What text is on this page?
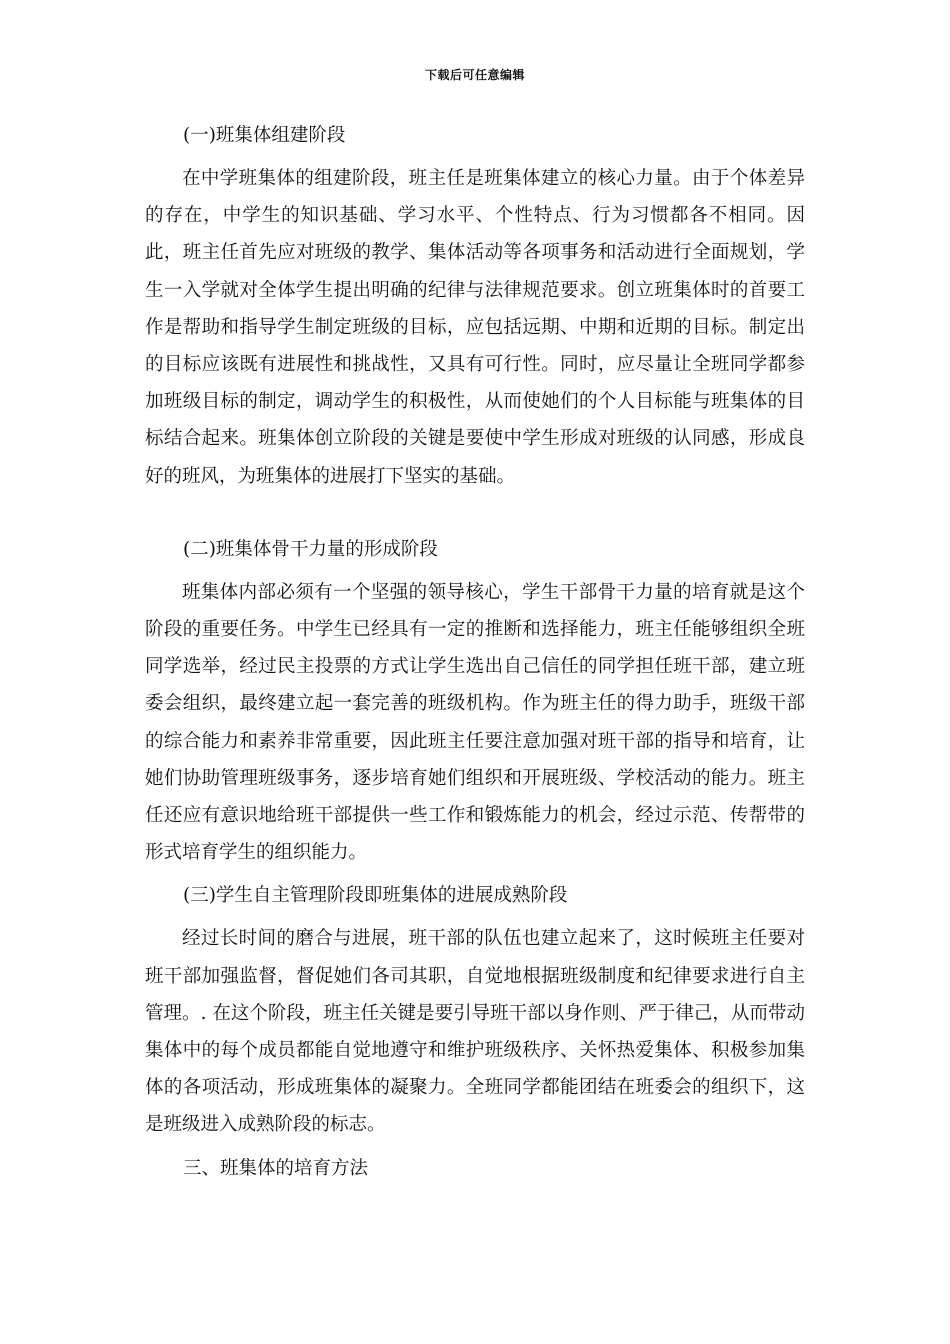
下载后可任意编辑
(一)班集体组建阶段

在中学班集体的组建阶段，班主任是班集体建立的核心力量。由于个体差异的存在，中学生的知识基础、学习水平、个性特点、行为习惯都各不相同。因此，班主任首先应对班级的教学、集体活动等各项事务和活动进行全面规划，学生一入学就对全体学生提出明确的纪律与法律规范要求。创立班集体时的首要工作是帮助和指导学生制定班级的目标，应包括远期、中期和近期的目标。制定出的目标应该既有进展性和挑战性，又具有可行性。同时，应尽量让全班同学都参加班级目标的制定，调动学生的积极性，从而使她们的个人目标能与班集体的目标结合起来。班集体创立阶段的关键是要使中学生形成对班级的认同感，形成良好的班风，为班集体的进展打下坚实的基础。

(二)班集体骨干力量的形成阶段

班集体内部必须有一个坚强的领导核心，学生干部骨干力量的培育就是这个阶段的重要任务。中学生已经具有一定的推断和选择能力，班主任能够组织全班同学选举，经过民主投票的方式让学生选出自己信任的同学担任班干部，建立班委会组织，最终建立起一套完善的班级机构。作为班主任的得力助手，班级干部的综合能力和素养非常重要，因此班主任要注意加强对班干部的指导和培育，让她们协助管理班级事务，逐步培育她们组织和开展班级、学校活动的能力。班主任还应有意识地给班干部提供一些工作和锻炼能力的机会，经过示范、传帮带的形式培育学生的组织能力。

(三)学生自主管理阶段即班集体的进展成熟阶段

经过长时间的磨合与进展，班干部的队伍也建立起来了，这时候班主任要对班干部加强监督，督促她们各司其职，自觉地根据班级制度和纪律要求进行自主管理。. 在这个阶段，班主任关键是要引导班干部以身作则、严于律己，从而带动集体中的每个成员都能自觉地遵守和维护班级秩序、关怀热爱集体、积极参加集体的各项活动，形成班集体的凝聚力。全班同学都能团结在班委会的组织下，这是班级进入成熟阶段的标志。

三、班集体的培育方法
